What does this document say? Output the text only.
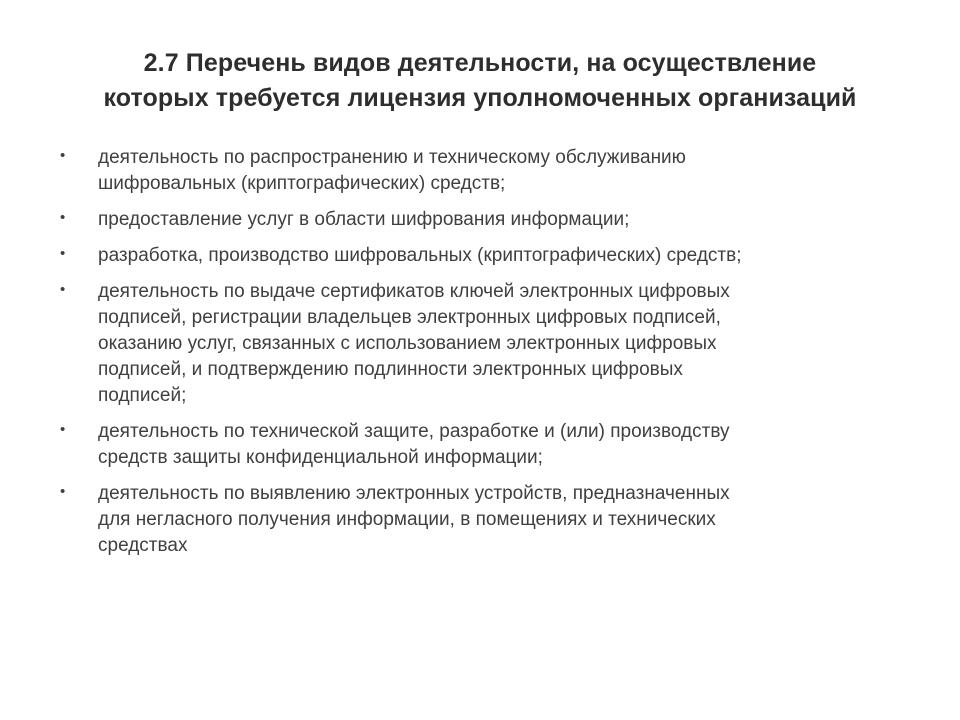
2.7 Перечень видов деятельности, на осуществление
которых требуется лицензия уполномоченных организаций
• деятельность по распространению и техническому обслуживанию
шифровальных (криптографических) средств;
• предоставление услуг в области шифрования информации;
• разработка, производство шифровальных (криптографических) средств;
• деятельность по выдаче сертификатов ключей электронных цифровых
подписей, регистрации владельцев электронных цифровых подписей,
оказанию услуг, связанных с использованием электронных цифровых
подписей, и подтверждению подлинности электронных цифровых
подписей;
• деятельность по технической защите, разработке и (или) производству
средств защиты конфиденциальной информации;
• деятельность по выявлению электронных устройств, предназначенных
для негласного получения информации, в помещениях и технических
средствах
